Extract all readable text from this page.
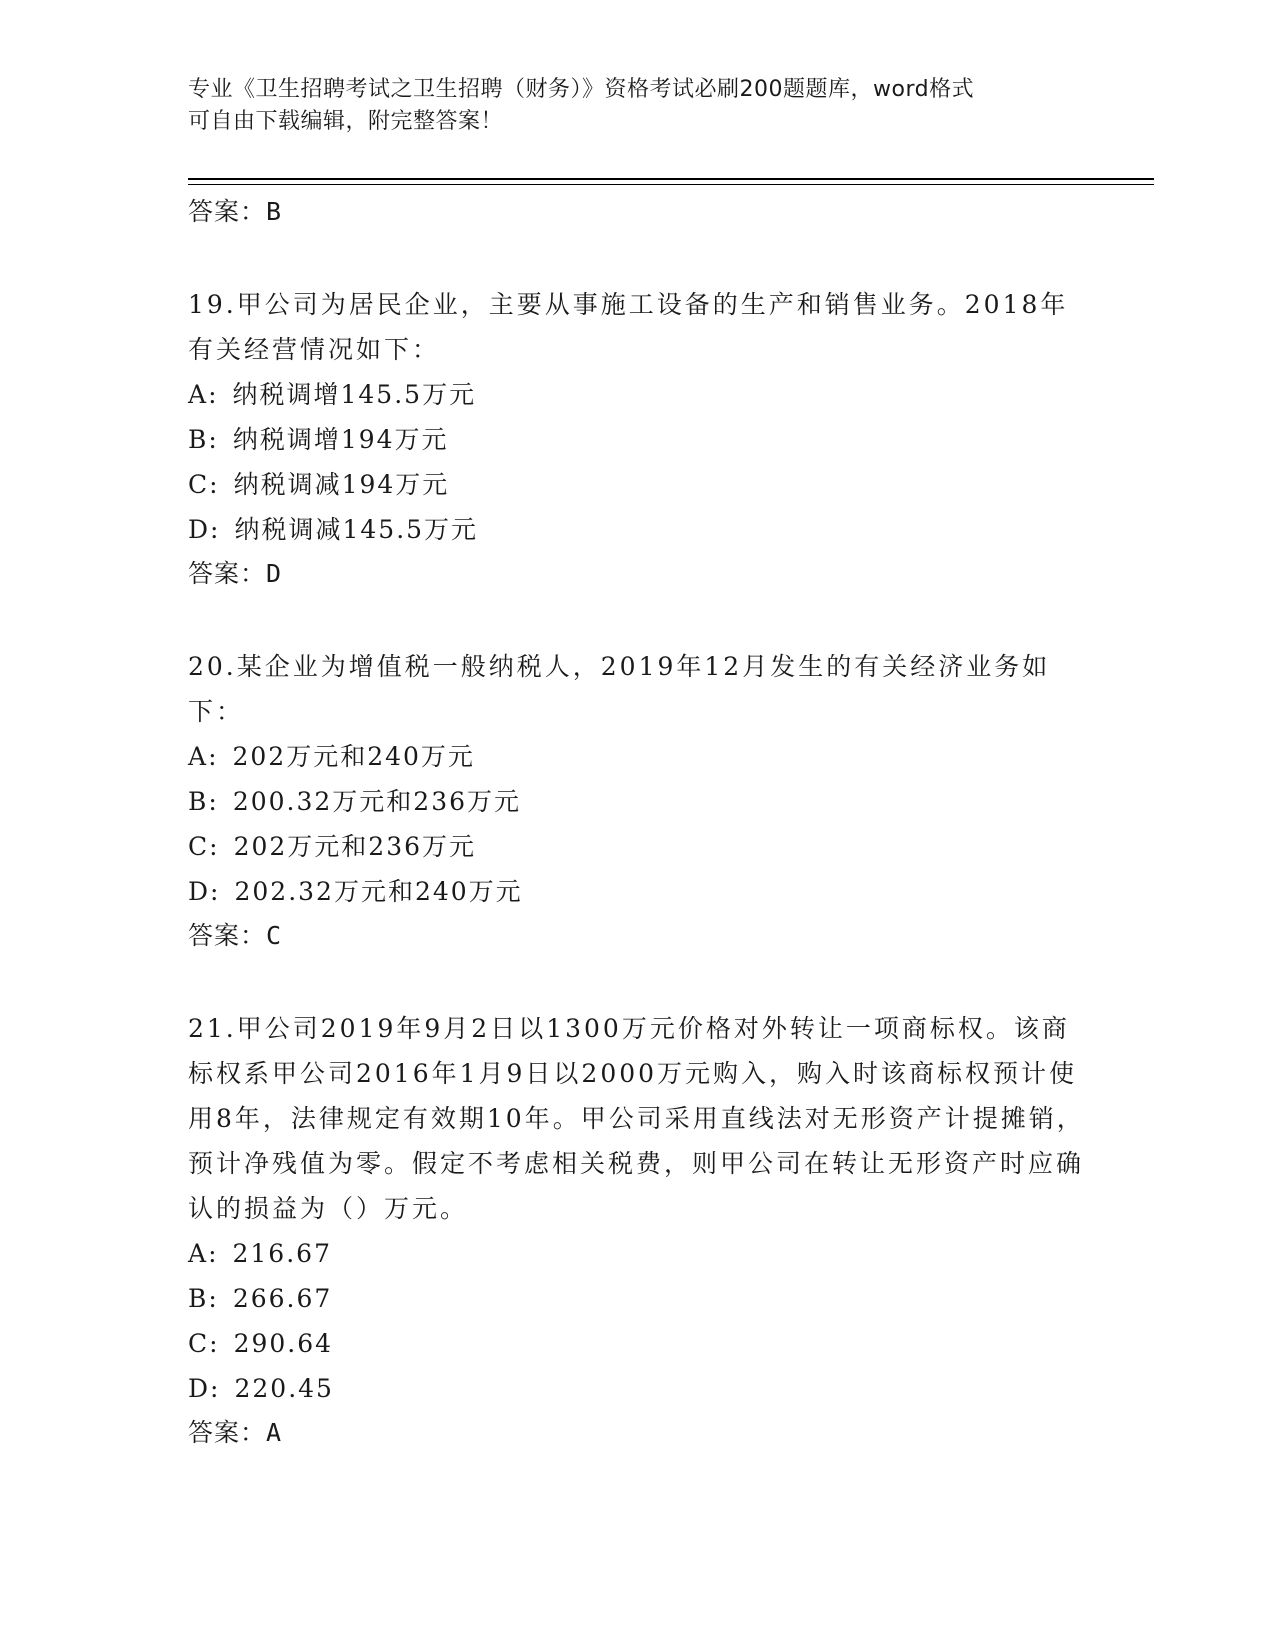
专业《卫生招聘考试之卫生招聘（财务）》资格考试必刷200题题库，word格式
可自由下载编辑，附完整答案！
答案：B

19.甲公司为居民企业，主要从事施工设备的生产和销售业务。2018年有关经营情况如下：

A: 纳税调增145.5万元

B: 纳税调增194万元

C: 纳税调减194万元

D: 纳税调减145.5万元

答案：D

20.某企业为增值税一般纳税人，2019年12月发生的有关经济业务如下：

A: 202万元和240万元

B: 200.32万元和236万元

C: 202万元和236万元

D: 202.32万元和240万元

答案：C

21.甲公司2019年9月2日以1300万元价格对外转让一项商标权。该商标权系甲公司2016年1月9日以2000万元购入，购入时该商标权预计使用8年，法律规定有效期10年。甲公司采用直线法对无形资产计提摊销，预计净残值为零。假定不考虑相关税费，则甲公司在转让无形资产时应确认的损益为（）万元。

A: 216.67

B: 266.67

C: 290.64

D: 220.45

答案：A
